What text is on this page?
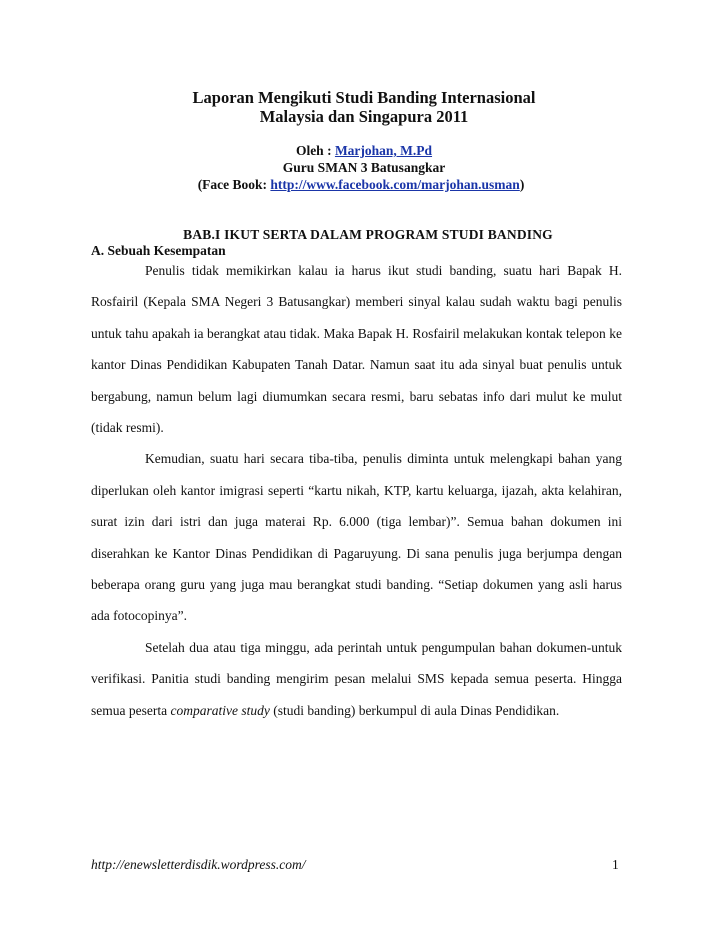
Laporan Mengikuti Studi Banding Internasional
Malaysia dan Singapura 2011
Oleh : Marjohan, M.Pd
Guru SMAN 3 Batusangkar
(Face Book: http://www.facebook.com/marjohan.usman)
BAB.I IKUT SERTA DALAM PROGRAM STUDI BANDING
A. Sebuah Kesempatan

Penulis tidak memikirkan kalau ia harus ikut studi banding, suatu hari Bapak H. Rosfairil (Kepala SMA Negeri 3 Batusangkar) memberi sinyal kalau sudah waktu bagi penulis untuk tahu apakah ia berangkat atau tidak. Maka Bapak H. Rosfairil melakukan kontak telepon ke kantor Dinas Pendidikan Kabupaten Tanah Datar. Namun saat itu ada sinyal buat penulis untuk bergabung, namun belum lagi diumumkan secara resmi, baru sebatas info dari mulut ke mulut (tidak resmi).

Kemudian, suatu hari secara tiba-tiba, penulis diminta untuk melengkapi bahan yang diperlukan oleh kantor imigrasi seperti “kartu nikah, KTP, kartu keluarga, ijazah, akta kelahiran, surat izin dari istri dan juga materai Rp. 6.000 (tiga lembar)”. Semua bahan dokumen ini diserahkan ke Kantor Dinas Pendidikan di Pagaruyung. Di sana penulis juga berjumpa dengan beberapa orang guru yang juga mau berangkat studi banding. “Setiap dokumen yang asli harus ada fotocopinya”.

Setelah dua atau tiga minggu, ada perintah untuk pengumpulan bahan dokumen-untuk verifikasi. Panitia studi banding mengirim pesan melalui SMS kepada semua peserta. Hingga semua peserta comparative study (studi banding) berkumpul di aula Dinas Pendidikan.

http://enewsletterdisdik.wordpress.com/	1
